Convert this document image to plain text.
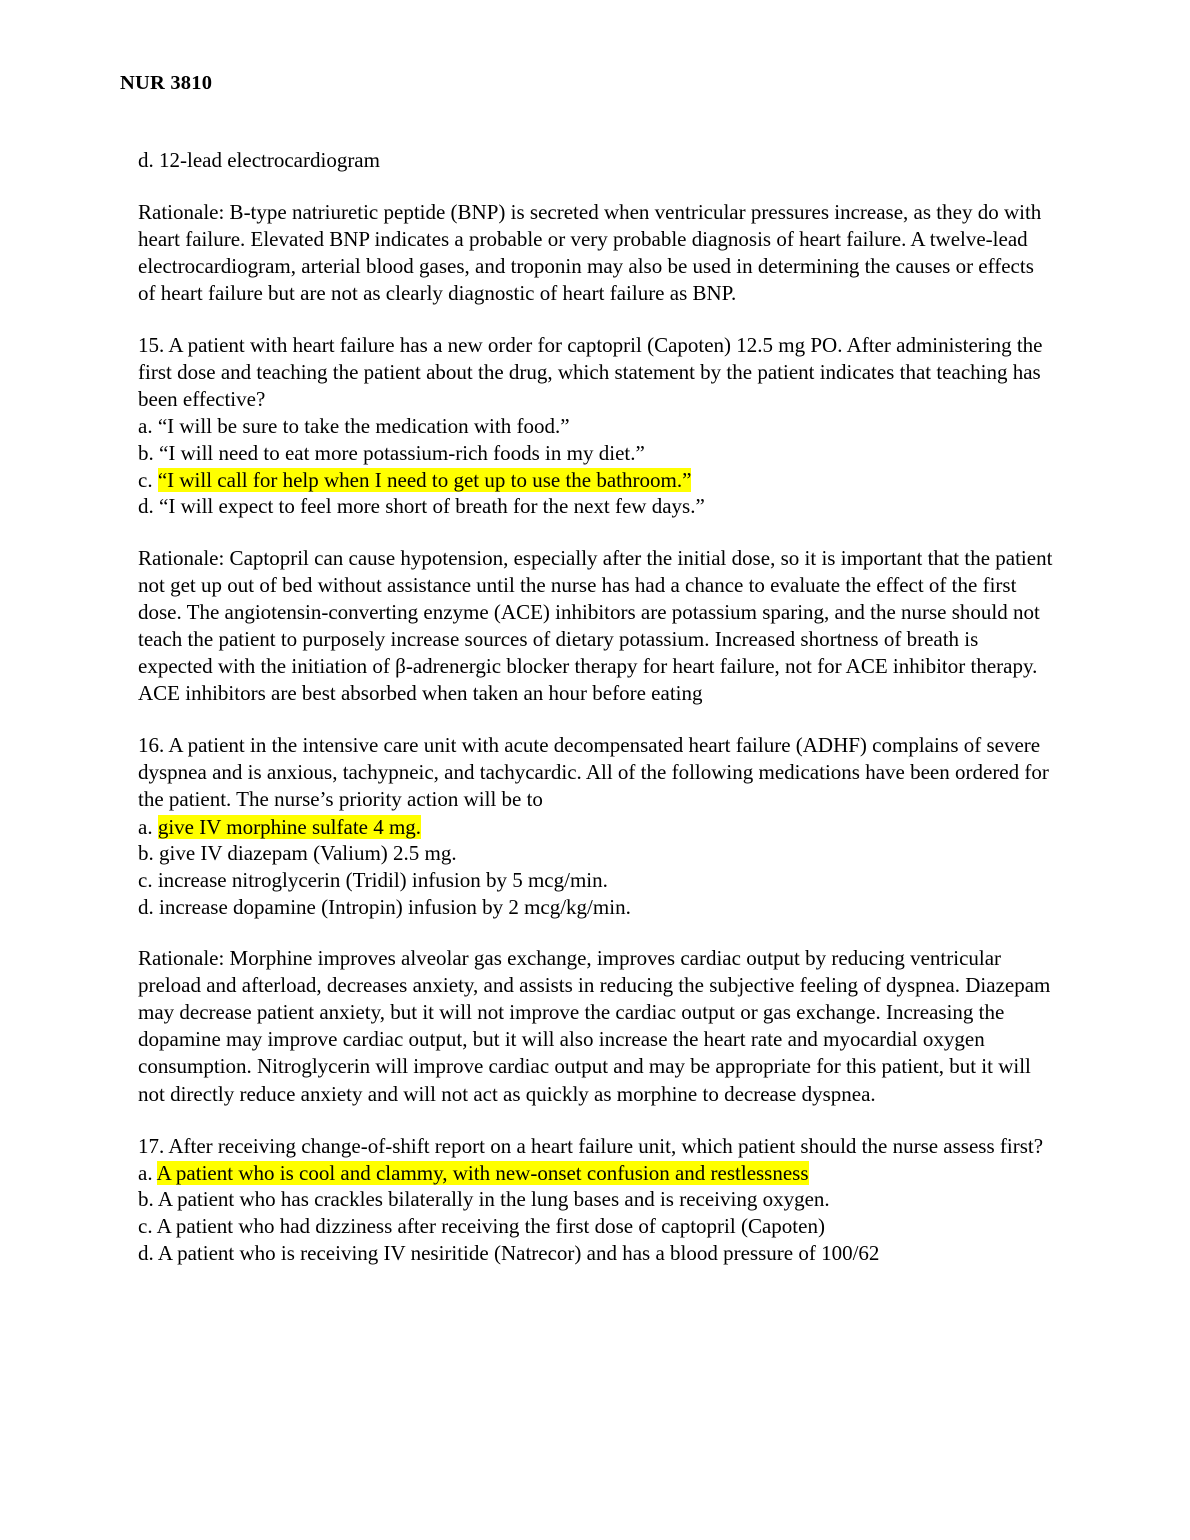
NUR 3810

d. 12-lead electrocardiogram

Rationale: B-type natriuretic peptide (BNP) is secreted when ventricular pressures increase, as they do with heart failure. Elevated BNP indicates a probable or very probable diagnosis of heart failure. A twelve-lead electrocardiogram, arterial blood gases, and troponin may also be used in determining the causes or effects of heart failure but are not as clearly diagnostic of heart failure as BNP.

15. A patient with heart failure has a new order for captopril (Capoten) 12.5 mg PO. After administering the first dose and teaching the patient about the drug, which statement by the patient indicates that teaching has been effective?

a. “I will be sure to take the medication with food.”

b. “I will need to eat more potassium-rich foods in my diet.”

c. “I will call for help when I need to get up to use the bathroom.”

d. “I will expect to feel more short of breath for the next few days.”

Rationale: Captopril can cause hypotension, especially after the initial dose, so it is important that the patient not get up out of bed without assistance until the nurse has had a chance to evaluate the effect of the first dose. The angiotensin-converting enzyme (ACE) inhibitors are potassium sparing, and the nurse should not teach the patient to purposely increase sources of dietary potassium. Increased shortness of breath is expected with the initiation of β-adrenergic blocker therapy for heart failure, not for ACE inhibitor therapy. ACE inhibitors are best absorbed when taken an hour before eating

16. A patient in the intensive care unit with acute decompensated heart failure (ADHF) complains of severe dyspnea and is anxious, tachypneic, and tachycardic. All of the following medications have been ordered for the patient. The nurse’s priority action will be to

a. give IV morphine sulfate 4 mg.

b. give IV diazepam (Valium) 2.5 mg.

c. increase nitroglycerin (Tridil) infusion by 5 mcg/min.

d. increase dopamine (Intropin) infusion by 2 mcg/kg/min.

Rationale: Morphine improves alveolar gas exchange, improves cardiac output by reducing ventricular preload and afterload, decreases anxiety, and assists in reducing the subjective feeling of dyspnea. Diazepam may decrease patient anxiety, but it will not improve the cardiac output or gas exchange. Increasing the dopamine may improve cardiac output, but it will also increase the heart rate and myocardial oxygen consumption. Nitroglycerin will improve cardiac output and may be appropriate for this patient, but it will not directly reduce anxiety and will not act as quickly as morphine to decrease dyspnea.

17. After receiving change-of-shift report on a heart failure unit, which patient should the nurse assess first?

a. A patient who is cool and clammy, with new-onset confusion and restlessness

b. A patient who has crackles bilaterally in the lung bases and is receiving oxygen.

c. A patient who had dizziness after receiving the first dose of captopril (Capoten)

d. A patient who is receiving IV nesiritide (Natrecor) and has a blood pressure of 100/62
